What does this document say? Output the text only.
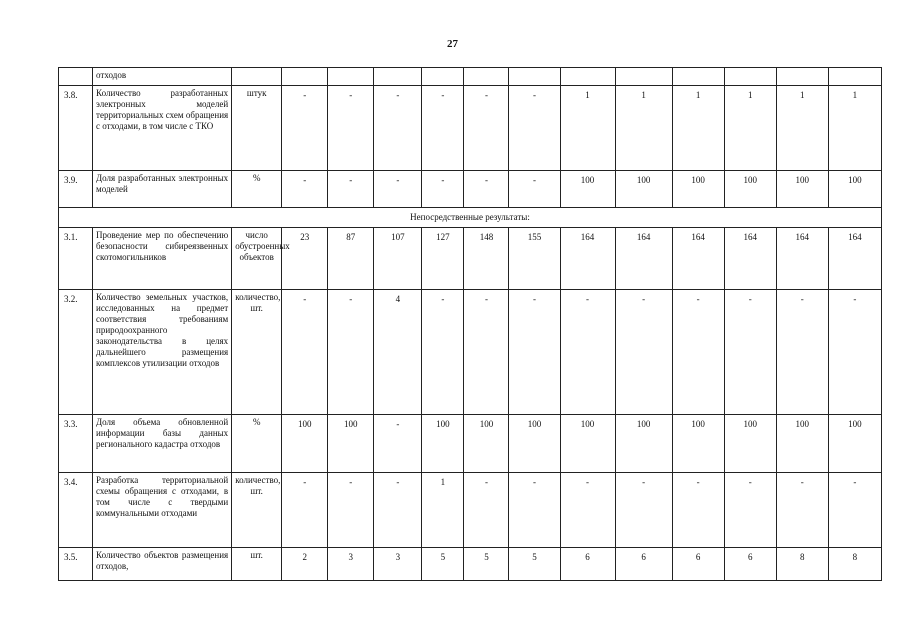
27
	отходов													
3.8.	Количество разработанных электронных моделей территориальных схем обращения с отходами, в том числе с ТКО	штук	-	-	-	-	-	-	1	1	1	1	1	1
3.9.	Доля разработанных электронных моделей	%	-	-	-	-	-	-	100	100	100	100	100	100
Непосредственные результаты:														
3.1.	Проведение мер по обеспечению безопасности сибиреязвенных скотомогильников	число обустроенных объектов	23	87	107	127	148	155	164	164	164	164	164	164
3.2.	Количество земельных участков, исследованных на предмет соответствия требованиям природоохранного законодательства в целях дальнейшего размещения комплексов утилизации отходов	количество, шт.	-	-	4	-	-	-	-	-	-	-	-	-
3.3.	Доля объема обновленной информации базы данных регионального кадастра отходов	%	100	100	-	100	100	100	100	100	100	100	100	100
3.4.	Разработка территориальной схемы обращения с отходами, в том числе с твердыми коммунальными отходами	количество, шт.	-	-	-	1	-	-	-	-	-	-	-	-
3.5.	Количество объектов размещения отходов,	шт.	2	3	3	5	5	5	6	6	6	6	8	8
